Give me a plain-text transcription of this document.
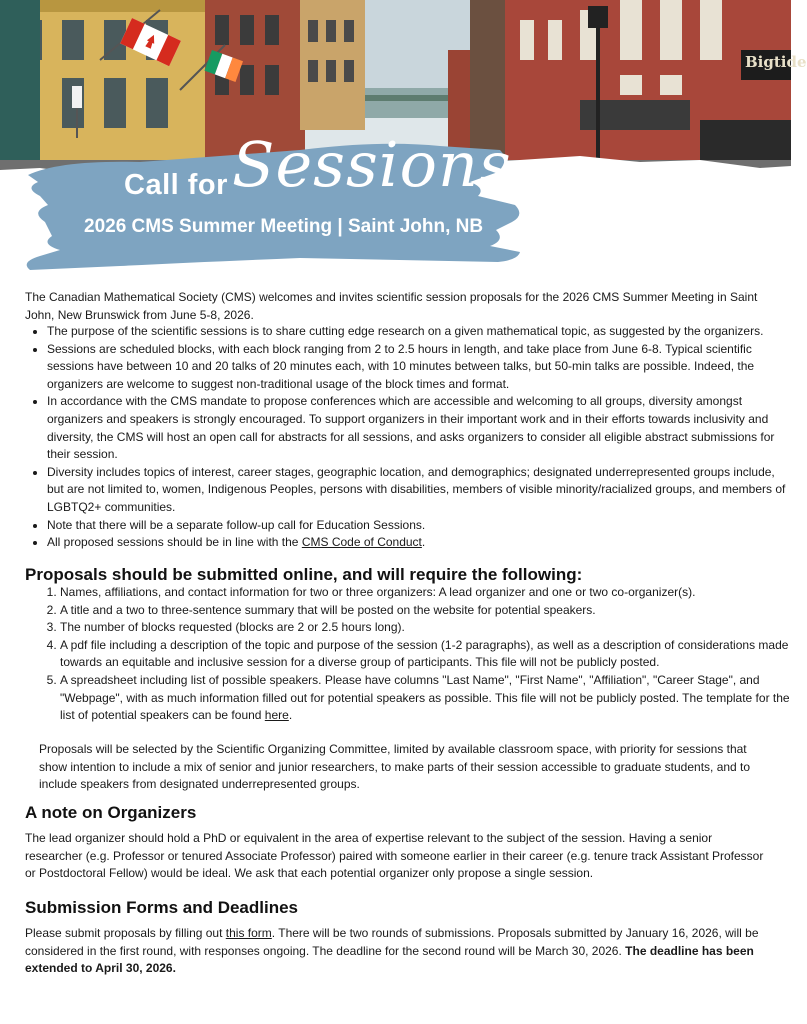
Call for Sessions
2026 CMS Summer Meeting | Saint John, NB
Bigtide

The Canadian Mathematical Society (CMS) welcomes and invites scientific session proposals for the 2026 CMS Summer Meeting in Saint John, New Brunswick from June 5-8, 2026.

• The purpose of the scientific sessions is to share cutting edge research on a given mathematical topic, as suggested by the organizers.
• Sessions are scheduled blocks, with each block ranging from 2 to 2.5 hours in length, and take place from June 6-8. Typical scientific sessions have between 10 and 20 talks of 20 minutes each, with 10 minutes between talks, but 50-min talks are possible. Indeed, the organizers are welcome to suggest non-traditional usage of the block times and format.
• In accordance with the CMS mandate to propose conferences which are accessible and welcoming to all groups, diversity amongst organizers and speakers is strongly encouraged. To support organizers in their important work and in their efforts towards inclusivity and diversity, the CMS will host an open call for abstracts for all sessions, and asks organizers to consider all eligible abstract submissions for their session.
• Diversity includes topics of interest, career stages, geographic location, and demographics; designated underrepresented groups include, but are not limited to, women, Indigenous Peoples, persons with disabilities, members of visible minority/racialized groups, and members of LGBTQ2+ communities.
• Note that there will be a separate follow-up call for Education Sessions.
• All proposed sessions should be in line with the CMS Code of Conduct.
Proposals should be submitted online, and will require the following:
1. Names, affiliations, and contact information for two or three organizers: A lead organizer and one or two co-organizer(s).
2. A title and a two to three-sentence summary that will be posted on the website for potential speakers.
3. The number of blocks requested (blocks are 2 or 2.5 hours long).
4. A pdf file including a description of the topic and purpose of the session (1-2 paragraphs), as well as a description of considerations made towards an equitable and inclusive session for a diverse group of participants. This file will not be publicly posted.
5. A spreadsheet including list of possible speakers. Please have columns "Last Name", "First Name", "Affiliation", "Career Stage", and "Webpage", with as much information filled out for potential speakers as possible. This file will not be publicly posted. The template for the list of potential speakers can be found here.

Proposals will be selected by the Scientific Organizing Committee, limited by available classroom space, with priority for sessions that show intention to include a mix of senior and junior researchers, to make parts of their session accessible to graduate students, and to include speakers from designated underrepresented groups.

A note on Organizers

The lead organizer should hold a PhD or equivalent in the area of expertise relevant to the subject of the session. Having a senior researcher (e.g. Professor or tenured Associate Professor) paired with someone earlier in their career (e.g. tenure track Assistant Professor or Postdoctoral Fellow) would be ideal. We ask that each potential organizer only propose a single session.

Submission Forms and Deadlines

Please submit proposals by filling out this form. There will be two rounds of submissions. Proposals submitted by January 16, 2026, will be considered in the first round, with responses ongoing. The deadline for the second round will be March 30, 2026. The deadline has been extended to April 30, 2026.
